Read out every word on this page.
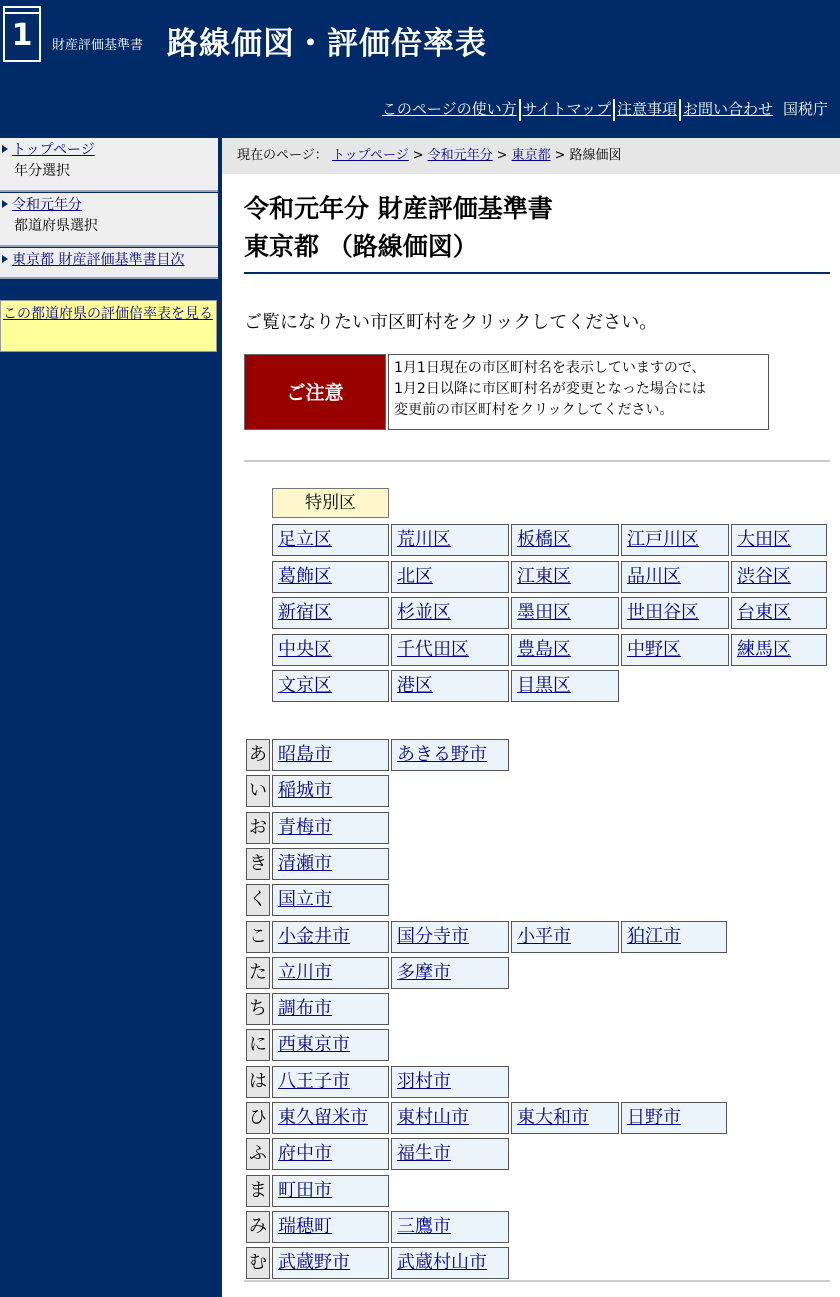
1	財産評価基準書 路線価図・評価倍率表
このページの使い方 サイトマップ 注意事項 お問い合わせ 国税庁
トップページ
年分選択
令和元年分
都道府県選択
東京都 財産評価基準書目次
この都道府県の評価倍率表を見る
現在のページ： トップページ > 令和元年分 > 東京都 > 路線価図
令和元年分 財産評価基準書
東京都 （路線価図）
ご覧になりたい市区町村をクリックしてください。
ご注意
1月1日現在の市区町村名を表示していますので、
1月2日以降に市区町村名が変更となった場合には
変更前の市区町村をクリックしてください。
特別区
足立区	荒川区	板橋区	江戸川区	大田区
葛飾区	北区	江東区	品川区	渋谷区
新宿区	杉並区	墨田区	世田谷区	台東区
中央区	千代田区	豊島区	中野区	練馬区
文京区	港区	目黒区
あ 昭島市	あきる野市
い 稲城市
お 青梅市
き 清瀬市
く 国立市
こ 小金井市	国分寺市	小平市	狛江市
た 立川市	多摩市
ち 調布市
に 西東京市
は 八王子市	羽村市
ひ 東久留米市	東村山市	東大和市	日野市
ふ 府中市	福生市
ま 町田市
み 瑞穂町	三鷹市
む 武蔵野市	武蔵村山市
